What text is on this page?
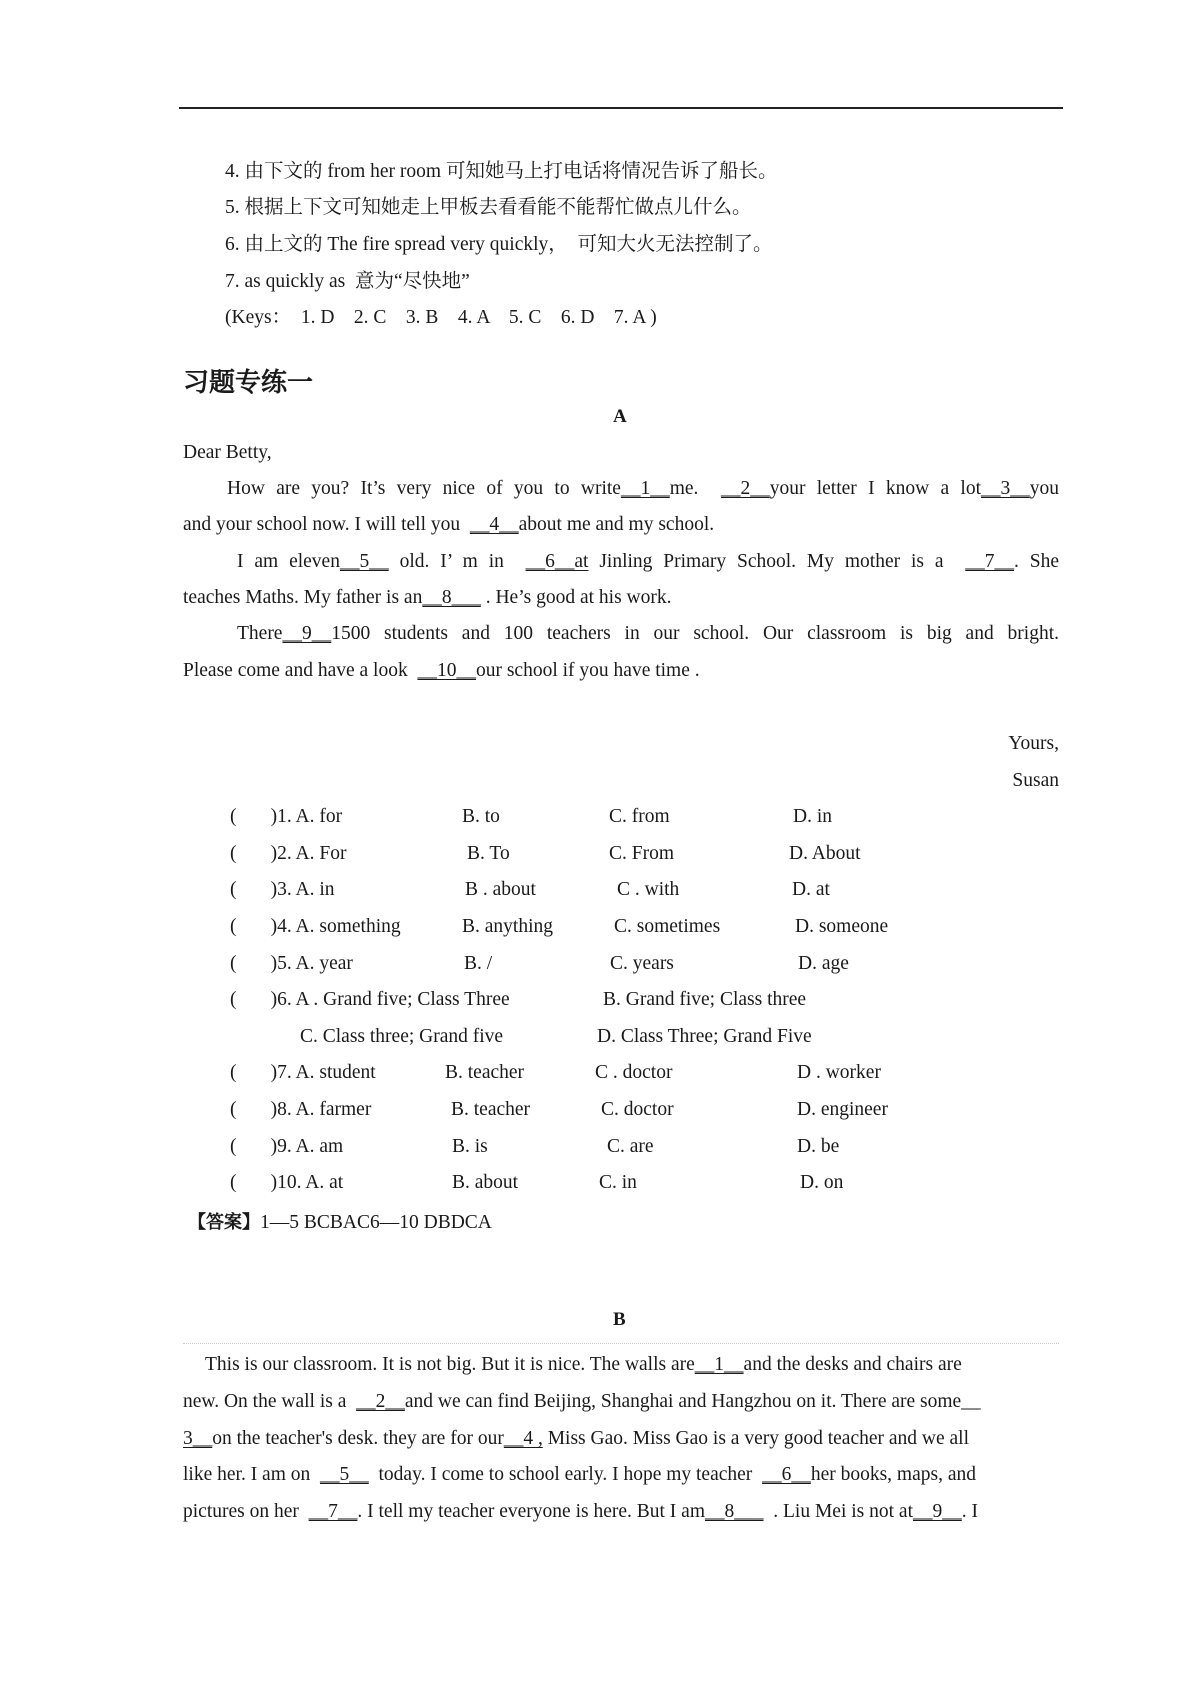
4. 由下文的 from her room 可知她马上打电话将情况告诉了船长。
5. 根据上下文可知她走上甲板去看看能不能帮忙做点儿什么。
6. 由上文的 The fire spread very quickly，  可知大火无法控制了。
7. as quickly as  意为“尽快地”
(Keys：  1. D    2. C    3. B    4. A    5. C    6. D    7. A )
习题专练一
A
Dear Betty,
How are you? It’s very nice of you to write__1__me.  __2__your letter I know a lot__3__you
and your school now. I will tell you  __4__about me and my school.
I am eleven__5__ old. I’ m in  __6__at Jinling Primary School. My mother is a  __7__. She
teaches Maths. My father is an__8___ . He’s good at his work.
There__9__1500 students and 100 teachers in our school. Our classroom is big and bright.
Please come and have a look  __10__our school if you have time .
Yours,
Susan
(       )1. A. for	B. to	C. from	D. in
(       )2. A. For	B. To	C. From	D. About
(       )3. A. in	B . about	C . with	D. at
(       )4. A. something	B. anything	C. sometimes	D. someone
(       )5. A. year	B. /	C. years	D. age
(       )6. A . Grand five; Class Three	B. Grand five; Class three
C. Class three; Grand five	D. Class Three; Grand Five
(       )7. A. student	B. teacher	C . doctor	D . worker
(       )8. A. farmer	B. teacher	C. doctor	D. engineer
(       )9. A. am	B. is	C. are	D. be
(       )10. A. at	B. about	C. in	D. on
【答案】1—5 BCBAC6—10 DBDCA
B
This is our classroom. It is not big. But it is nice. The walls are__1__and the desks and chairs are
new. On the wall is a  __2__and we can find Beijing, Shanghai and Hangzhou on it. There are some__
3__on the teacher's desk. they are for our__4 , Miss Gao. Miss Gao is a very good teacher and we all
like her. I am on  __5__  today. I come to school early. I hope my teacher  __6__her books, maps, and
pictures on her  __7__. I tell my teacher everyone is here. But I am__8___  . Liu Mei is not at__9__. I
